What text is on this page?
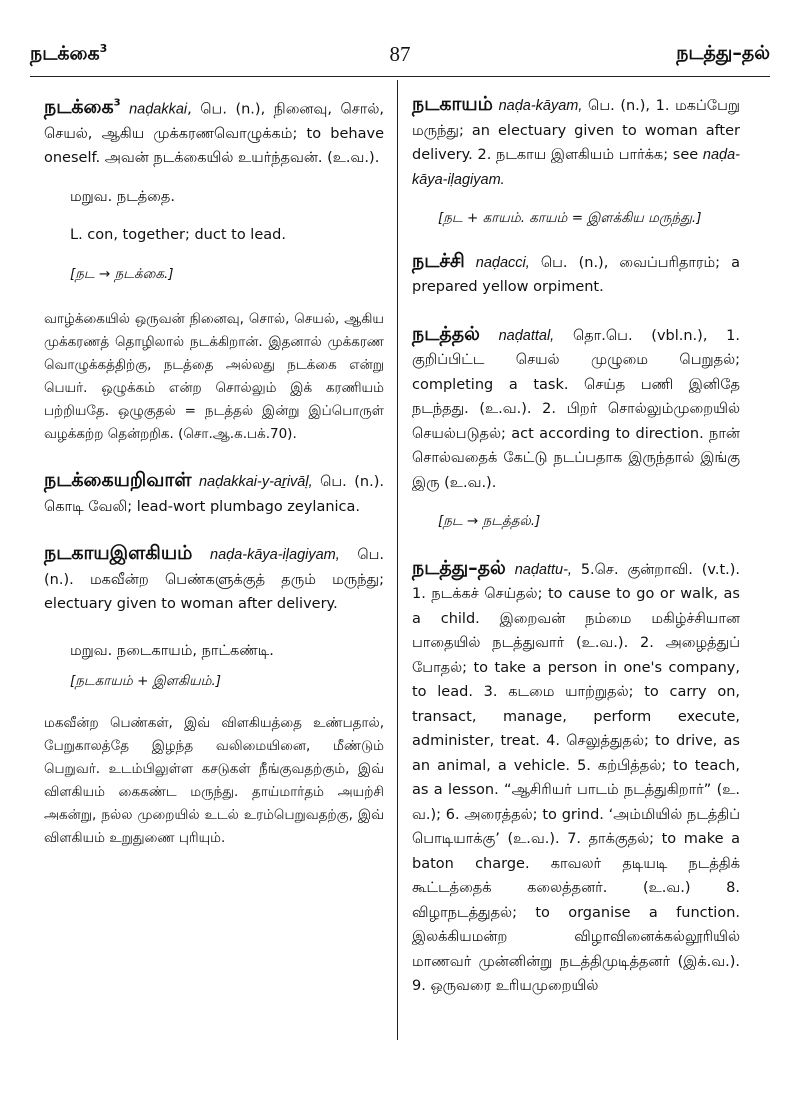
நடக்கை$^3$	87	நடத்து–தல்

நடக்கை$^3$ naḍakkai, பெ. (n.), நினைவு, சொல், செயல், ஆகிய முக்கரணவொழுக்கம்; to behave oneself. அவன் நடக்கையில் உயர்ந்தவன். (உ.வ.).

மறுவ. நடத்தை.

L. con, together; duct to lead.

[நட → நடக்கை.]

வாழ்க்கையில் ஒருவன் நினைவு, சொல், செயல், ஆகிய முக்கரணத் தொழிலால் நடக்கிறான். இதனால் முக்கரண வொழுக்கத்திற்கு, நடத்தை அல்லது நடக்கை என்று பெயர். ஒழுக்கம் என்ற சொல்லும் இக் கரணியம் பற்றியதே. ஒழுகுதல் = நடத்தல் இன்று இப்பொருள் வழக்கற்ற தென்றறிக. (சொ.ஆ.க.பக்.70).

நடக்கையறிவாள் naḍakkai-y-aṟivāḷ, பெ. (n.). கொடி வேலி; lead-wort plumbago zeylanica.

நடகாயஇளகியம் naḍa-kāya-iḷagiyam, பெ. (n.). மகவீன்ற பெண்களுக்குத் தரும் மருந்து; electuary given to woman after delivery.

மறுவ. நடைகாயம், நாட்கண்டி.

[நடகாயம் + இளகியம்.]

மகவீன்ற பெண்கள், இவ் விளகியத்தை உண்பதால், பேறுகாலத்தே இழந்த வலிமையினை, மீண்டும் பெறுவர். உடம்பிலுள்ள கசடுகள் நீங்குவதற்கும், இவ் விளகியம் கைகண்ட மருந்து. தாய்மார்தம் அயற்சி அகன்று, நல்ல முறையில் உடல் உரம்பெறுவதற்கு, இவ் விளகியம் உறுதுணை புரியும்.

நடகாயம் naḍa-kāyam, பெ. (n.), 1. மகப்பேறு மருந்து; an electuary given to woman after delivery. 2. நடகாய இளகியம் பார்க்க; see naḍa-kāya-iḷagiyam.

[நட + காயம். காயம் = இளக்கிய மருந்து.]

நடச்சி naḍacci, பெ. (n.), வைப்பரிதாரம்; a prepared yellow orpiment.

நடத்தல் naḍattal, தொ.பெ. (vbl.n.), 1. குறிப்பிட்ட செயல் முழுமை பெறுதல்; completing a task. செய்த பணி இனிதே நடந்தது. (உ.வ.). 2. பிறர் சொல்லும்முறையில் செயல்படுதல்; act according to direction. நான் சொல்வதைக் கேட்டு நடப்பதாக இருந்தால் இங்கு இரு (உ.வ.).

[நட → நடத்தல்.]

நடத்து–தல் naḍattu-, 5.செ. குன்றாவி. (v.t.). 1. நடக்கச் செய்தல்; to cause to go or walk, as a child. இறைவன் நம்மை மகிழ்ச்சியான பாதையில் நடத்துவார் (உ.வ.). 2. அழைத்துப் போதல்; to take a person in one's company, to lead. 3. கடமை யாற்றுதல்; to carry on, transact, manage, perform execute, administer, treat. 4. செலுத்துதல்; to drive, as an animal, a vehicle. 5. கற்பித்தல்; to teach, as a lesson. “ஆசிரியர் பாடம் நடத்துகிறார்” (உ. வ.); 6. அரைத்தல்; to grind. ‘அம்மியில் நடத்திப் பொடியாக்கு’ (உ.வ.). 7. தாக்குதல்; to make a baton charge. காவலர் தடியடி நடத்திக் கூட்டத்தைக் கலைத்தனர். (உ.வ.) 8. விழாநடத்துதல்; to organise a function. இலக்கியமன்ற விழாவினைக்கல்லூரியில் மாணவர் முன்னின்று நடத்திமுடித்தனர் (இக்.வ.). 9. ஒருவரை உரியமுறையில்
